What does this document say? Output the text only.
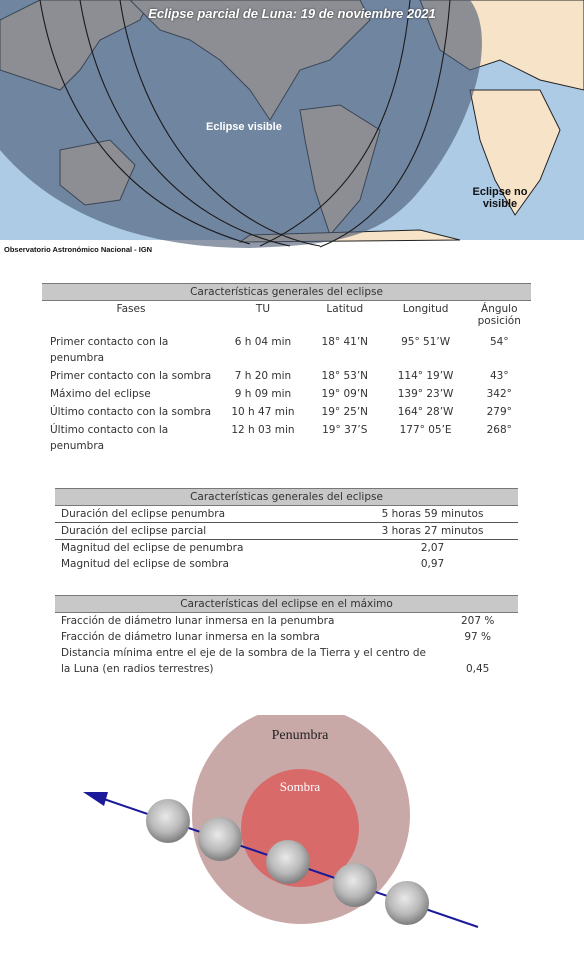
Eclipse parcial de Luna: 19 de noviembre 2021
Eclipse visible
Eclipse no
visible
Observatorio Astronómico Nacional - IGN
Características generales del eclipse				
Fases	TU	Latitud	Longitud	Ángulo
posición

Primer contacto con la penumbra	6 h 04 min	18° 41’N	95° 51’W	54°
Primer contacto con la sombra	7 h 20 min	18° 53’N	114° 19’W	43°
Máximo del eclipse	9 h 09 min	19° 09’N	139° 23’W	342°
Último contacto con la sombra	10 h 47 min	19° 25’N	164° 28’W	279°
Último contacto con la penumbra	12 h 03 min	19° 37’S	177° 05’E	268°
Características generales del eclipse	
Duración del eclipse penumbra	5 horas 59 minutos
Duración del eclipse parcial	3 horas 27 minutos
Magnitud del eclipse de penumbra	2,07
Magnitud del eclipse de sombra	0,97
Características del eclipse en el máximo	
Fracción de diámetro lunar inmersa en la penumbra	207 %
Fracción de diámetro lunar inmersa en la sombra	97 %
Distancia mínima entre el eje de la sombra de la Tierra y el centro de la Luna (en radios terrestres)	0,45
Penumbra
Sombra
